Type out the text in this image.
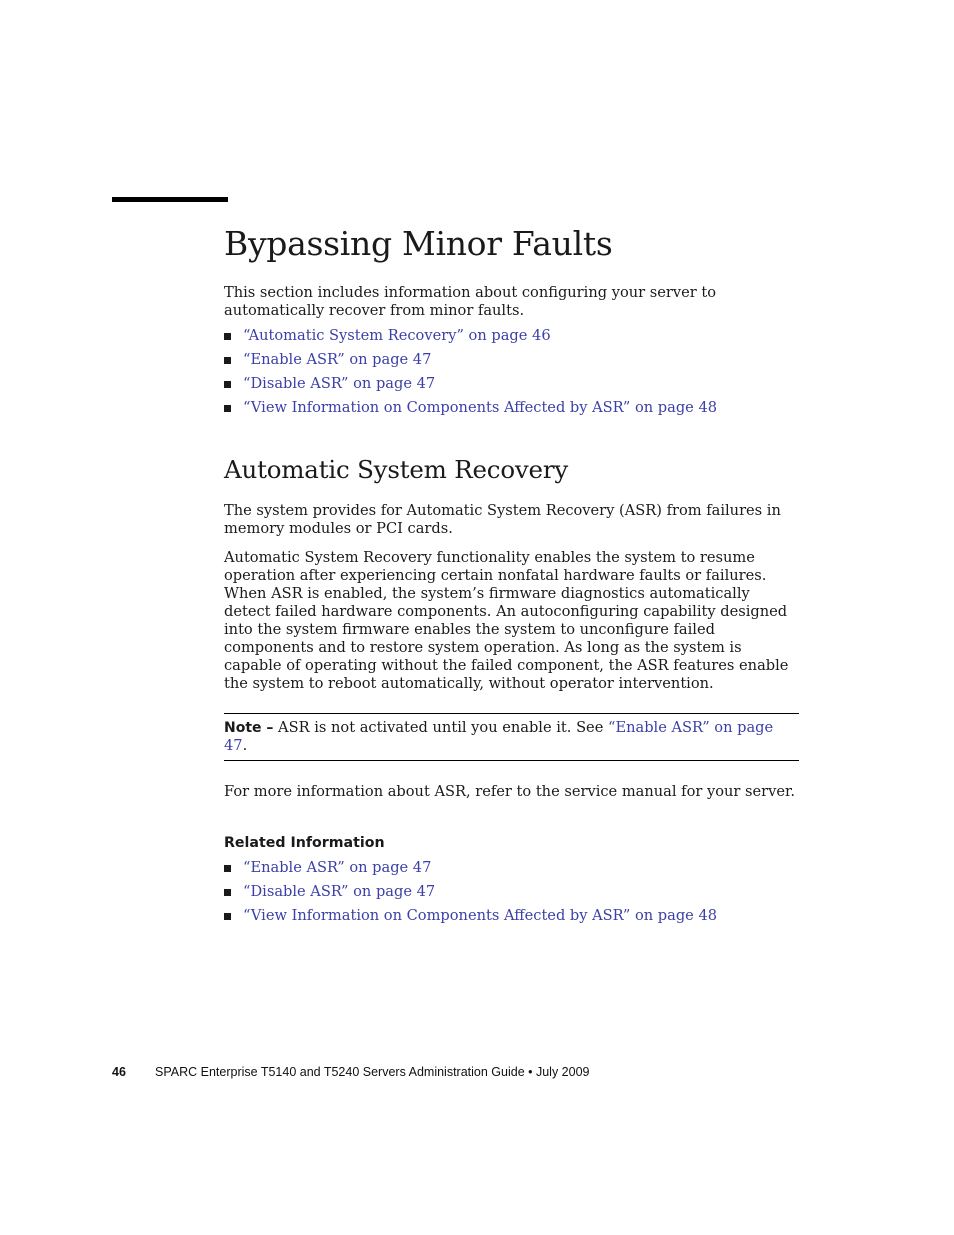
Bypassing Minor Faults

This section includes information about configuring your server to automatically recover from minor faults.

“Automatic System Recovery” on page 46
“Enable ASR” on page 47
“Disable ASR” on page 47
“View Information on Components Affected by ASR” on page 48
Automatic System Recovery

The system provides for Automatic System Recovery (ASR) from failures in memory modules or PCI cards.

Automatic System Recovery functionality enables the system to resume operation after experiencing certain nonfatal hardware faults or failures. When ASR is enabled, the system’s firmware diagnostics automatically detect failed hardware components. An autoconfiguring capability designed into the system firmware enables the system to unconfigure failed components and to restore system operation. As long as the system is capable of operating without the failed component, the ASR features enable the system to reboot automatically, without operator intervention.

Note – ASR is not activated until you enable it. See “Enable ASR” on page 47.

For more information about ASR, refer to the service manual for your server.

Related Information
“Enable ASR” on page 47
“Disable ASR” on page 47
“View Information on Components Affected by ASR” on page 48
46 SPARC Enterprise T5140 and T5240 Servers Administration Guide • July 2009
